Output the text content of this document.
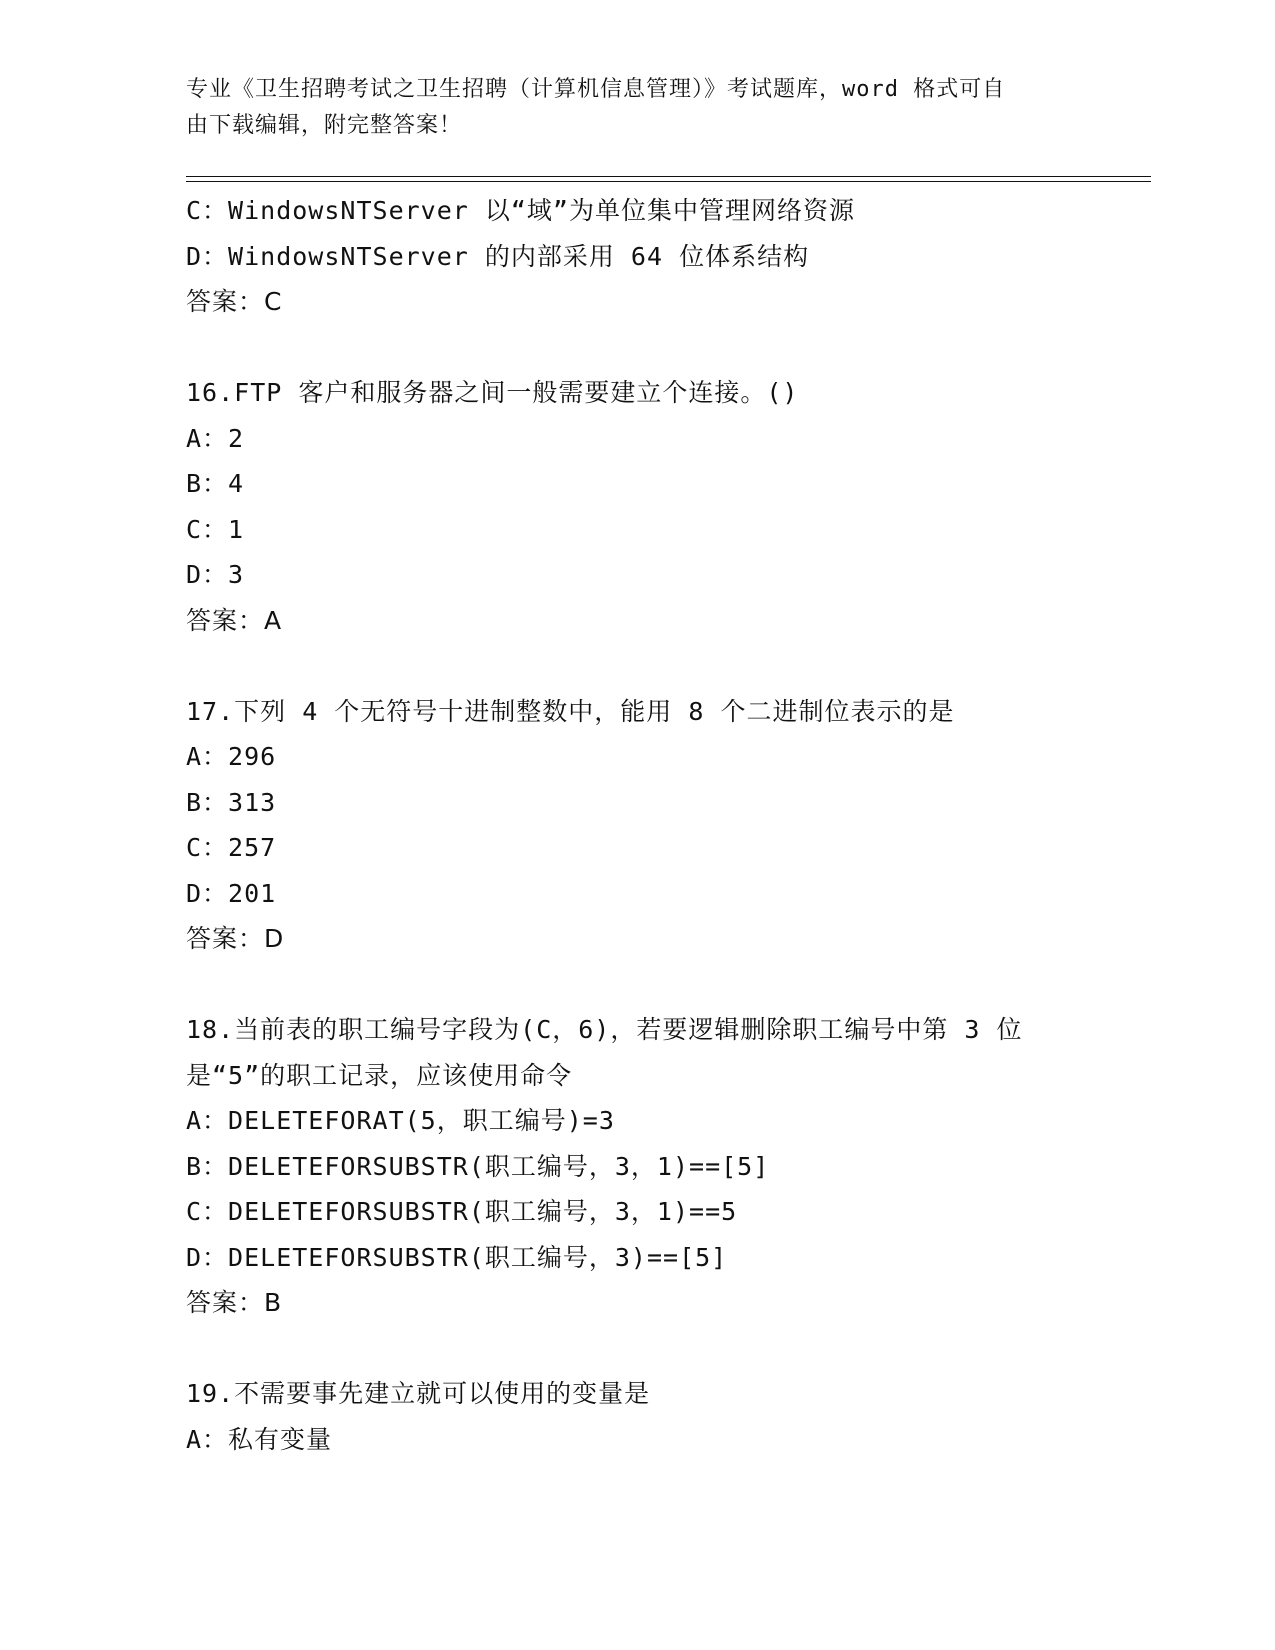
专业《卫生招聘考试之卫生招聘（计算机信息管理）》考试题库，word 格式可自
由下载编辑，附完整答案！
C：WindowsNTServer 以“域”为单位集中管理网络资源
D：WindowsNTServer 的内部采用 64 位体系结构
答案：C
16.FTP 客户和服务器之间一般需要建立个连接。()
A：2
B：4
C：1
D：3
答案：A
17.下列 4 个无符号十进制整数中，能用 8 个二进制位表示的是
A：296
B：313
C：257
D：201
答案：D
18.当前表的职工编号字段为(C，6)，若要逻辑删除职工编号中第 3 位
是“5”的职工记录，应该使用命令
A：DELETEFORAT(5，职工编号)=3
B：DELETEFORSUBSTR(职工编号，3，1)==[5]
C：DELETEFORSUBSTR(职工编号，3，1)==5
D：DELETEFORSUBSTR(职工编号，3)==[5]
答案：B
19.不需要事先建立就可以使用的变量是
A：私有变量
